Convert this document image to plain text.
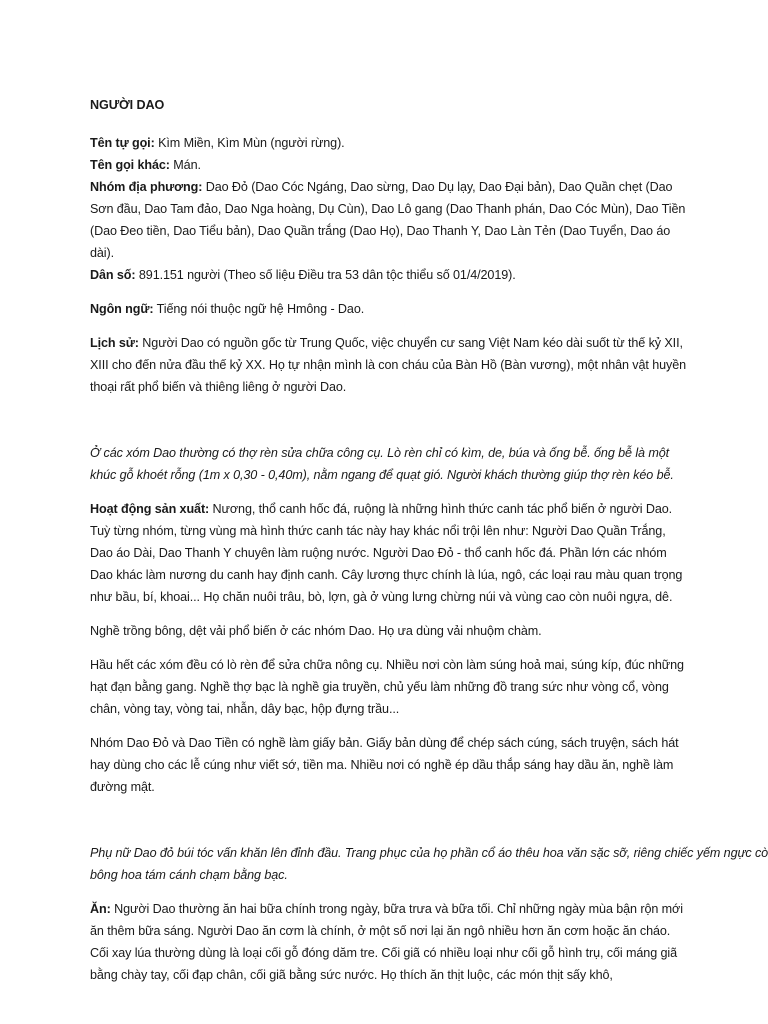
NGƯỜI DAO

Tên tự gọi: Kìm Miền, Kìm Mùn (người rừng).

Tên gọi khác: Mán.

Nhóm địa phương: Dao Đỏ (Dao Cóc Ngáng, Dao sừng, Dao Dụ lạy, Dao Đại bản), Dao Quần chẹt (Dao Sơn đầu, Dao Tam đảo, Dao Nga hoàng, Dụ Cùn), Dao Lô gang (Dao Thanh phán, Dao Cóc Mùn), Dao Tiền (Dao Đeo tiền, Dao Tiểu bản), Dao Quần trắng (Dao Họ), Dao Thanh Y, Dao Làn Tẻn (Dao Tuyển, Dao áo dài).

Dân số: 891.151 người (Theo số liệu Điều tra 53 dân tộc thiểu số 01/4/2019).

Ngôn ngữ: Tiếng nói thuộc ngữ hệ Hmông - Dao.

Lịch sử: Người Dao có nguồn gốc từ Trung Quốc, việc chuyển cư sang Việt Nam kéo dài suốt từ thế kỷ XII, XIII cho đến nửa đầu thế kỷ XX. Họ tự nhận mình là con cháu của Bàn Hồ (Bàn vương), một nhân vật huyền thoại rất phổ biến và thiêng liêng ở người Dao.

Ở các xóm Dao thường có thợ rèn sửa chữa công cụ. Lò rèn chỉ có kìm, de, búa và ống bễ. ống bễ là một khúc gỗ khoét rỗng (1m x 0,30 - 0,40m), nằm ngang để quạt gió. Người khách thường giúp thợ rèn kéo bễ.

Hoạt động sản xuất: Nương, thổ canh hốc đá, ruộng là những hình thức canh tác phổ biến ở người Dao. Tuỳ từng nhóm, từng vùng mà hình thức canh tác này hay khác nổi trội lên như: Người Dao Quần Trắng, Dao áo Dài, Dao Thanh Y chuyên làm ruộng nước. Người Dao Đỏ - thổ canh hốc đá. Phần lớn các nhóm Dao khác làm nương du canh hay định canh. Cây lương thực chính là lúa, ngô, các loại rau màu quan trọng như bầu, bí, khoai... Họ chăn nuôi trâu, bò, lợn, gà ở vùng lưng chừng núi và vùng cao còn nuôi ngựa, dê.

Nghề trồng bông, dệt vải phổ biến ở các nhóm Dao. Họ ưa dùng vải nhuộm chàm.

Hầu hết các xóm đều có lò rèn để sửa chữa nông cụ. Nhiều nơi còn làm súng hoả mai, súng kíp, đúc những hạt đạn bằng gang. Nghề thợ bạc là nghề gia truyền, chủ yếu làm những đồ trang sức như vòng cổ, vòng chân, vòng tay, vòng tai, nhẫn, dây bạc, hộp đựng trầu...

Nhóm Dao Đỏ và Dao Tiền có nghề làm giấy bản. Giấy bản dùng để chép sách cúng, sách truyện, sách hát hay dùng cho các lễ cúng như viết sớ, tiền ma. Nhiều nơi có nghề ép dầu thắp sáng hay dầu ăn, nghề làm đường mật.

Phụ nữ Dao đỏ búi tóc vấn khăn lên đỉnh đầu. Trang phục của họ phần cổ áo thêu hoa văn sặc sỡ, riêng chiếc yếm ngực cò

bông hoa tám cánh chạm bằng bạc.

Ăn: Người Dao thường ăn hai bữa chính trong ngày, bữa trưa và bữa tối. Chỉ những ngày mùa bận rộn mới ăn thêm bữa sáng. Người Dao ăn cơm là chính, ở một số nơi lại ăn ngô nhiều hơn ăn cơm hoặc ăn cháo. Cối xay lúa thường dùng là loại cối gỗ đóng dăm tre. Cối giã có nhiều loại như cối gỗ hình trụ, cối máng giã bằng chày tay, cối đạp chân, cối giã bằng sức nước. Họ thích ăn thịt luộc, các món thịt sấy khô,
